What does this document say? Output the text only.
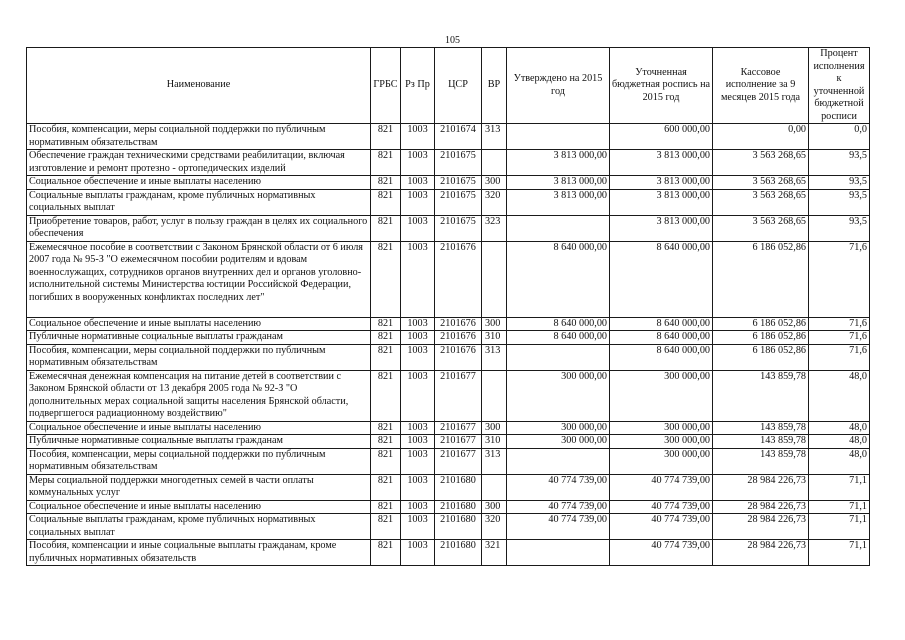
105
Наименование	ГРБС	Рз Пр	ЦСР	ВР	Утверждено на 2015 год	Уточненная бюджетная роспись на 2015 год	Кассовое исполнение за 9 месяцев 2015 года	Процент исполнения к уточненной бюджетной росписи
Пособия, компенсации, меры социальной поддержки по публичным нормативным обязательствам	821	1003	2101674	313		600 000,00	0,00	0,0
Обеспечение граждан техническими средствами реабилитации, включая изготовление и ремонт протезно - ортопедических изделий	821	1003	2101675		3 813 000,00	3 813 000,00	3 563 268,65	93,5
Социальное обеспечение и иные выплаты населению	821	1003	2101675	300	3 813 000,00	3 813 000,00	3 563 268,65	93,5
Социальные выплаты гражданам, кроме публичных нормативных социальных выплат	821	1003	2101675	320	3 813 000,00	3 813 000,00	3 563 268,65	93,5
Приобретение товаров, работ, услуг в пользу граждан в целях их социального обеспечения	821	1003	2101675	323		3 813 000,00	3 563 268,65	93,5
Ежемесячное пособие в соответствии с Законом Брянской области от 6 июля 2007 года № 95-З "О ежемесячном пособии родителям и вдовам военнослужащих, сотрудников органов внутренних дел и органов уголовно-исполнительной системы Министерства юстиции Российской Федерации, погибших в вооруженных конфликтах последних лет"	821	1003	2101676		8 640 000,00	8 640 000,00	6 186 052,86	71,6
Социальное обеспечение и иные выплаты населению	821	1003	2101676	300	8 640 000,00	8 640 000,00	6 186 052,86	71,6
Публичные нормативные социальные выплаты гражданам	821	1003	2101676	310	8 640 000,00	8 640 000,00	6 186 052,86	71,6
Пособия, компенсации, меры социальной поддержки по публичным нормативным обязательствам	821	1003	2101676	313		8 640 000,00	6 186 052,86	71,6
Ежемесячная денежная компенсация на питание детей в соответствии с Законом Брянской области от 13 декабря 2005 года № 92-З "О дополнительных мерах социальной защиты населения Брянской области, подвергшегося радиационному воздействию"	821	1003	2101677		300 000,00	300 000,00	143 859,78	48,0
Социальное обеспечение и иные выплаты населению	821	1003	2101677	300	300 000,00	300 000,00	143 859,78	48,0
Публичные нормативные социальные выплаты гражданам	821	1003	2101677	310	300 000,00	300 000,00	143 859,78	48,0
Пособия, компенсации, меры социальной поддержки по публичным нормативным обязательствам	821	1003	2101677	313		300 000,00	143 859,78	48,0
Меры социальной поддержки многодетных семей в части оплаты коммунальных услуг	821	1003	2101680		40 774 739,00	40 774 739,00	28 984 226,73	71,1
Социальное обеспечение и иные выплаты населению	821	1003	2101680	300	40 774 739,00	40 774 739,00	28 984 226,73	71,1
Социальные выплаты гражданам, кроме публичных нормативных социальных выплат	821	1003	2101680	320	40 774 739,00	40 774 739,00	28 984 226,73	71,1
Пособия, компенсации и иные социальные выплаты гражданам, кроме публичных нормативных обязательств	821	1003	2101680	321		40 774 739,00	28 984 226,73	71,1
